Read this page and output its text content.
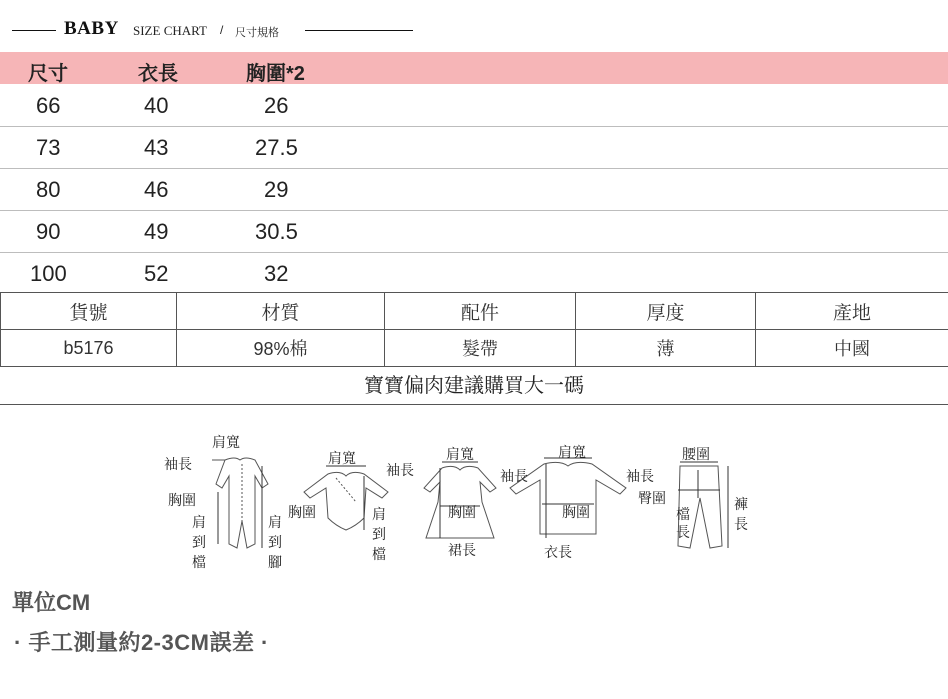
BABY SIZE CHART / 尺寸規格
尺寸	衣長	胸圍*2
66	40	26
73	43	27.5
80	46	29
90	49	30.5
100	52	32
貨號	材質	配件	厚度	產地
b5176	98%棉	髮帶	薄	中國
寶寶偏肉建議購買大一碼
肩寬
袖長
胸圍
肩
到
檔
肩
到
腳
肩寬
袖長
胸圍	肩
到
檔
肩寬
袖長
胸圍
裙長
肩寬
袖長
胸圍
衣長
腰圍
臀圍
檔
長
褲
長
單位CM
· 手工測量約2-3CM誤差 ·
